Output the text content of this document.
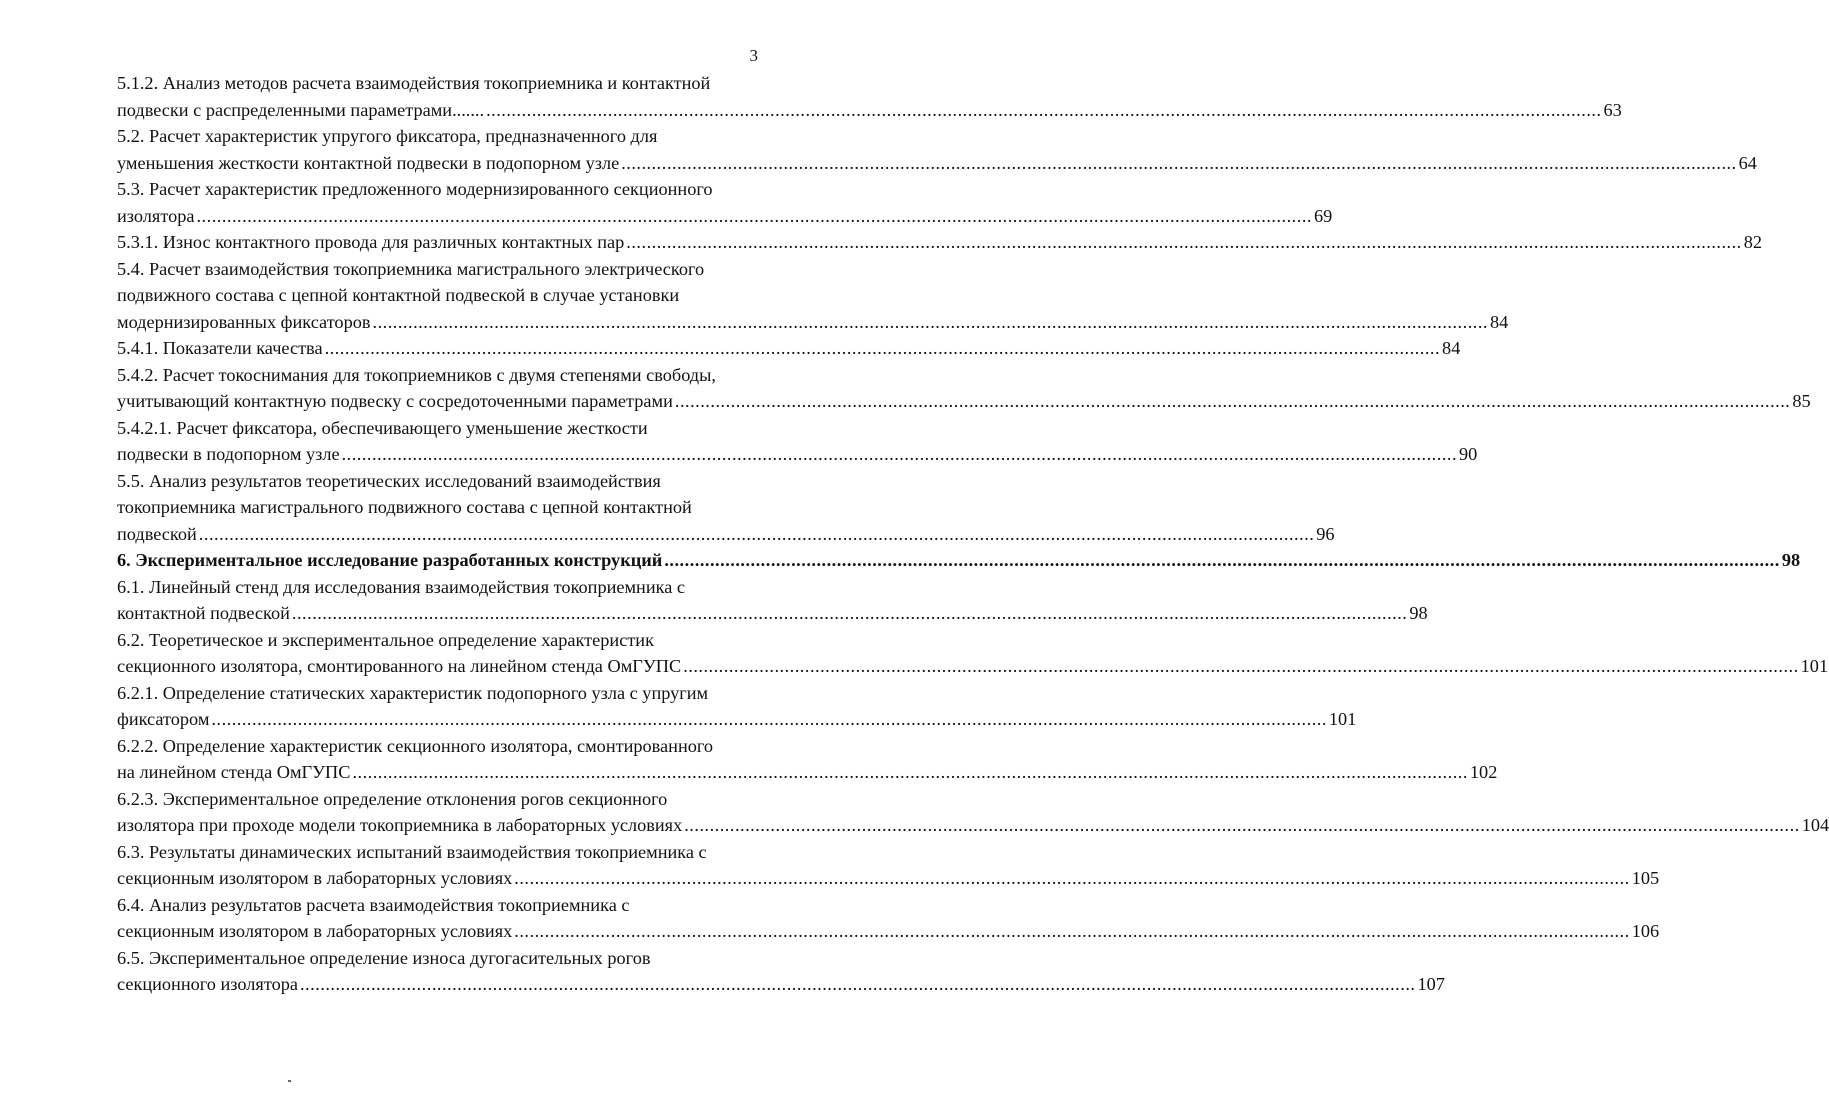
3
5.1.2. Анализ методов расчета взаимодействия токоприемника и контактной
подвески с распределенными параметрами....... ............................................................................................................................................................................................................................ 63
5.2. Расчет характеристик упругого фиксатора, предназначенного для
уменьшения жесткости контактной подвески в подопорном узле ............................................................................................................................................................................................................................ 64
5.3. Расчет характеристик предложенного модернизированного секционного
изолятора ............................................................................................................................................................................................................................ 69
5.3.1. Износ контактного провода для различных контактных пар ............................................................................................................................................................................................................................ 82
5.4. Расчет взаимодействия токоприемника магистрального электрического
подвижного состава с цепной контактной подвеской в случае установки
модернизированных фиксаторов ............................................................................................................................................................................................................................ 84
5.4.1. Показатели качества ............................................................................................................................................................................................................................ 84
5.4.2. Расчет токоснимания для токоприемников с двумя степенями свободы,
учитывающий контактную подвеску с сосредоточенными параметрами ............................................................................................................................................................................................................................ 85
5.4.2.1. Расчет фиксатора, обеспечивающего уменьшение жесткости
подвески в подопорном узле ............................................................................................................................................................................................................................ 90
5.5. Анализ результатов теоретических исследований взаимодействия
токоприемника магистрального подвижного состава с цепной контактной
подвеской ............................................................................................................................................................................................................................ 96
6. Экспериментальное исследование разработанных конструкций ............................................................................................................................................................................................................................ 98
6.1. Линейный стенд для исследования взаимодействия токоприемника с
контактной подвеской ............................................................................................................................................................................................................................ 98
6.2. Теоретическое и экспериментальное определение характеристик
секционного изолятора, смонтированного на линейном стенда ОмГУПС ............................................................................................................................................................................................................................ 101
6.2.1. Определение статических характеристик подопорного узла с упругим
фиксатором ............................................................................................................................................................................................................................ 101
6.2.2. Определение характеристик секционного изолятора, смонтированного
на линейном стенда ОмГУПС ............................................................................................................................................................................................................................ 102
6.2.3. Экспериментальное определение отклонения рогов секционного
изолятора при проходе модели токоприемника в лабораторных условиях ............................................................................................................................................................................................................................ 104
6.3. Результаты динамических испытаний взаимодействия токоприемника с
секционным изолятором в лабораторных условиях ............................................................................................................................................................................................................................ 105
6.4. Анализ результатов расчета взаимодействия токоприемника с
секционным изолятором в лабораторных условиях ............................................................................................................................................................................................................................ 106
6.5. Экспериментальное определение износа дугогасительных рогов
секционного изолятора ............................................................................................................................................................................................................................ 107
